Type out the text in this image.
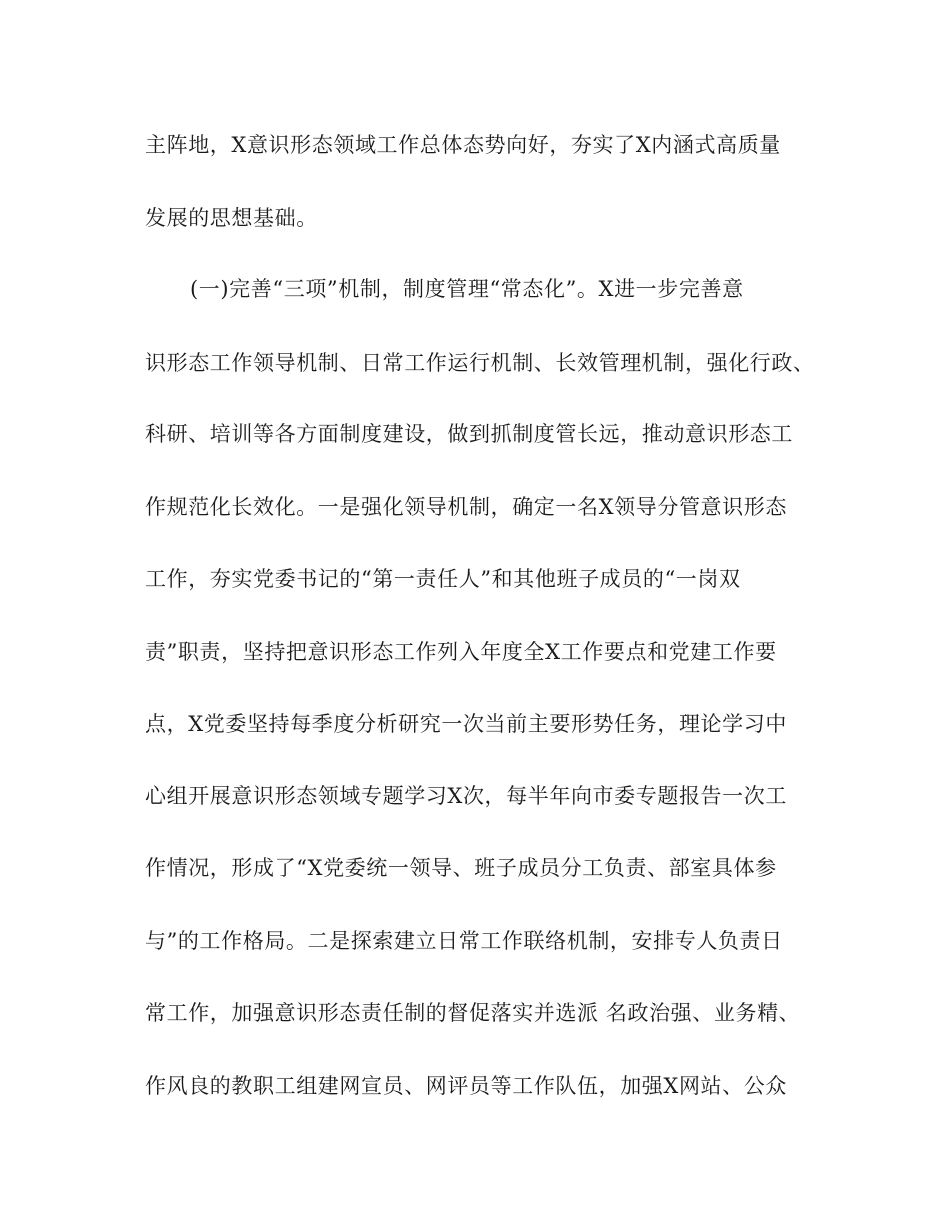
主阵地，X意识形态领域工作总体态势向好，夯实了X内涵式高质量
发展的思想基础。
(一)完善“三项”机制，制度管理“常态化”。X进一步完善意
识形态工作领导机制、日常工作运行机制、长效管理机制，强化行政、
科研、培训等各方面制度建设，做到抓制度管长远，推动意识形态工
作规范化长效化。一是强化领导机制，确定一名X领导分管意识形态
工作，夯实党委书记的“第一责任人”和其他班子成员的“一岗双
责”职责，坚持把意识形态工作列入年度全X工作要点和党建工作要
点，X党委坚持每季度分析研究一次当前主要形势任务，理论学习中
心组开展意识形态领域专题学习X次，每半年向市委专题报告一次工
作情况，形成了“X党委统一领导、班子成员分工负责、部室具体参
与”的工作格局。二是探索建立日常工作联络机制，安排专人负责日
常工作，加强意识形态责任制的督促落实并选派 名政治强、业务精、
作风良的教职工组建网宣员、网评员等工作队伍，加强X网站、公众
